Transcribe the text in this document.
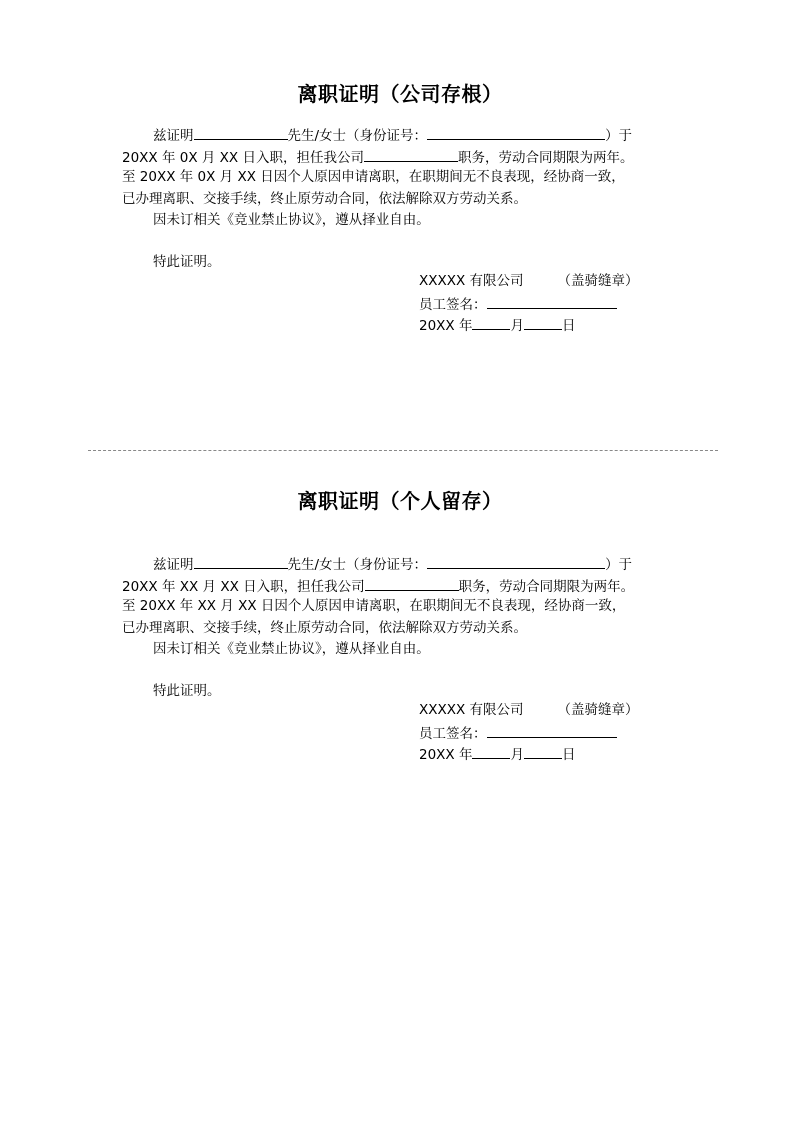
离职证明（公司存根）
兹证明	先生/女士（身份证号：	）于
20XX 年 0X 月 XX 日入职，担任我公司	职务，劳动合同期限为两年。
至 20XX 年 0X 月 XX 日因个人原因申请离职，在职期间无不良表现，经协商一致，
已办理离职、交接手续，终止原劳动合同，依法解除双方劳动关系。
因未订相关《竞业禁止协议》，遵从择业自由。
特此证明。
XXXXX 有限公司	（盖骑缝章）
员工签名：
20XX 年	月	日
离职证明（个人留存）
兹证明	先生/女士（身份证号：	）于
20XX 年 XX 月 XX 日入职，担任我公司	职务，劳动合同期限为两年。
至 20XX 年 XX 月 XX 日因个人原因申请离职，在职期间无不良表现，经协商一致，
已办理离职、交接手续，终止原劳动合同，依法解除双方劳动关系。
因未订相关《竞业禁止协议》，遵从择业自由。
特此证明。
XXXXX 有限公司	（盖骑缝章）
员工签名：
20XX 年	月	日
